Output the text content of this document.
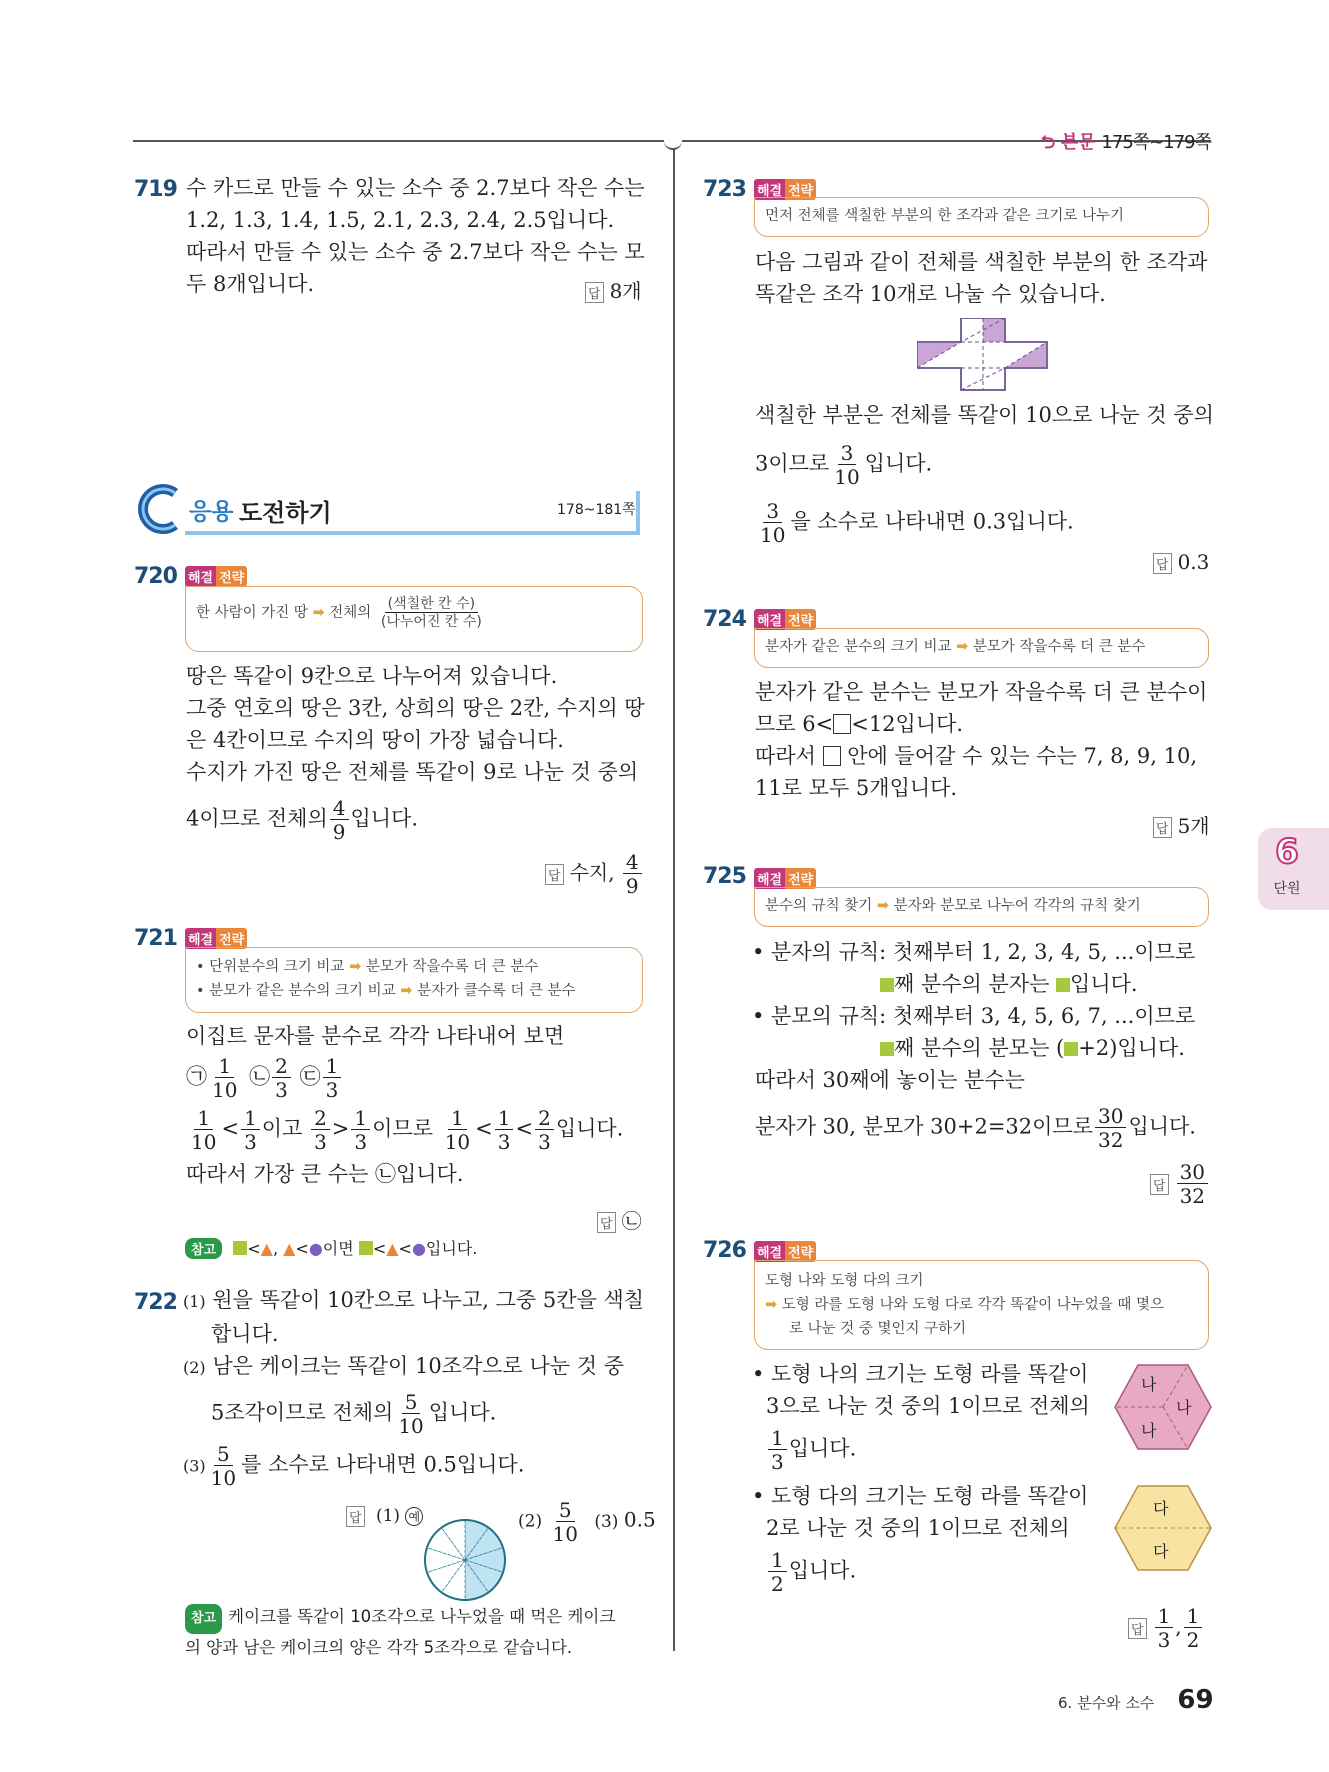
⮌ 본문 175쪽~179쪽
719 수 카드로 만들 수 있는 소수 중 2.7보다 작은 수는
1.2, 1.3, 1.4, 1.5, 2.1, 2.3, 2.4, 2.5입니다.
따라서 만들 수 있는 소수 중 2.7보다 작은 수는 모
두 8개입니다.	답 8개
응용 도전하기	178~181쪽
720 해결 전략
한 사람이 가진 땅 ➡ 전체의 $\frac{\text{(색칠한 칸 수)}}{\text{(나누어진 칸 수)}}$
땅은 똑같이 9칸으로 나누어져 있습니다.
그중 연호의 땅은 3칸, 상희의 땅은 2칸, 수지의 땅
은 4칸이므로 수지의 땅이 가장 넓습니다.
수지가 가진 땅은 전체를 똑같이 9로 나눈 것 중의
4이므로 전체의 $\frac{4}{9}$ 입니다.
답 수지, $\frac{4}{9}$
721 해결 전략
• 단위분수의 크기 비교 ➡ 분모가 작을수록 더 큰 분수
• 분모가 같은 분수의 크기 비교 ➡ 분자가 클수록 더 큰 분수
이집트 문자를 분수로 각각 나타내어 보면
㉠ $\frac{1}{10}$ ㉡ $\frac{2}{3}$ ㉢ $\frac{1}{3}$
$\frac{1}{10} < \frac{1}{3}$ 이고 $\frac{2}{3} > \frac{1}{3}$ 이므로 $\frac{1}{10} < \frac{1}{3} < \frac{2}{3}$ 입니다.
따라서 가장 큰 수는 ㉡입니다.
답 ㉡
참고 <▲, ▲<●이면 <▲<●입니다.
722 (1) 원을 똑같이 10칸으로 나누고, 그중 5칸을 색칠
합니다.
(2) 남은 케이크는 똑같이 10조각으로 나눈 것 중
5조각이므로 전체의 $\frac{5}{10}$ 입니다.
$(3) \frac{5}{10}$ 를 소수로 나타내면 0.5입니다.
답 (1) 예	$(2) \frac{5}{10} (3)$ 0.5
참고 케이크를 똑같이 10조각으로 나누었을 때 먹은 케이크
의 양과 남은 케이크의 양은 각각 5조각으로 같습니다.
723 해결 전략
먼저 전체를 색칠한 부분의 한 조각과 같은 크기로 나누기
다음 그림과 같이 전체를 색칠한 부분의 한 조각과
똑같은 조각 10개로 나눌 수 있습니다.
색칠한 부분은 전체를 똑같이 10으로 나눈 것 중의
3이므로 $\frac{3}{10}$ 입니다.
$\frac{3}{10}$ 을 소수로 나타내면 0.3입니다.
답 0.3
724 해결 전략
분자가 같은 분수의 크기 비교 ➡ 분모가 작을수록 더 큰 분수
분자가 같은 분수는 분모가 작을수록 더 큰 분수이
므로 6< <12입니다.
따라서 안에 들어갈 수 있는 수는 7, 8, 9, 10,
11로 모두 5개입니다.
답 5개
6
단원
725 해결 전략
분수의 규칙 찾기 ➡ 분자와 분모로 나누어 각각의 규칙 찾기
• 분자의 규칙: 첫째부터 1, 2, 3, 4, 5, ...이므로
째 분수의 분자는 입니다.
• 분모의 규칙: 첫째부터 3, 4, 5, 6, 7, ...이므로
째 분수의 분모는 ( +2)입니다.
따라서 30째에 놓이는 분수는
분자가 30, 분모가 30+2=32이므로 $\frac{30}{32}$ 입니다.
답 $\frac{30}{32}$
726 해결 전략
도형 나와 도형 다의 크기
➡ 도형 라를 도형 나와 도형 다로 각각 똑같이 나누었을 때 몇으
로 나눈 것 중 몇인지 구하기
• 도형 나의 크기는 도형 라를 똑같이
3으로 나눈 것 중의 1이므로 전체의
$\frac{1}{3}$ 입니다.
• 도형 다의 크기는 도형 라를 똑같이
2로 나눈 것 중의 1이므로 전체의
$\frac{1}{2}$ 입니다.
나
나
나
다
다
답 $\frac{1}{3}$ , $\frac{1}{2}$
6. 분수와 소수 69
